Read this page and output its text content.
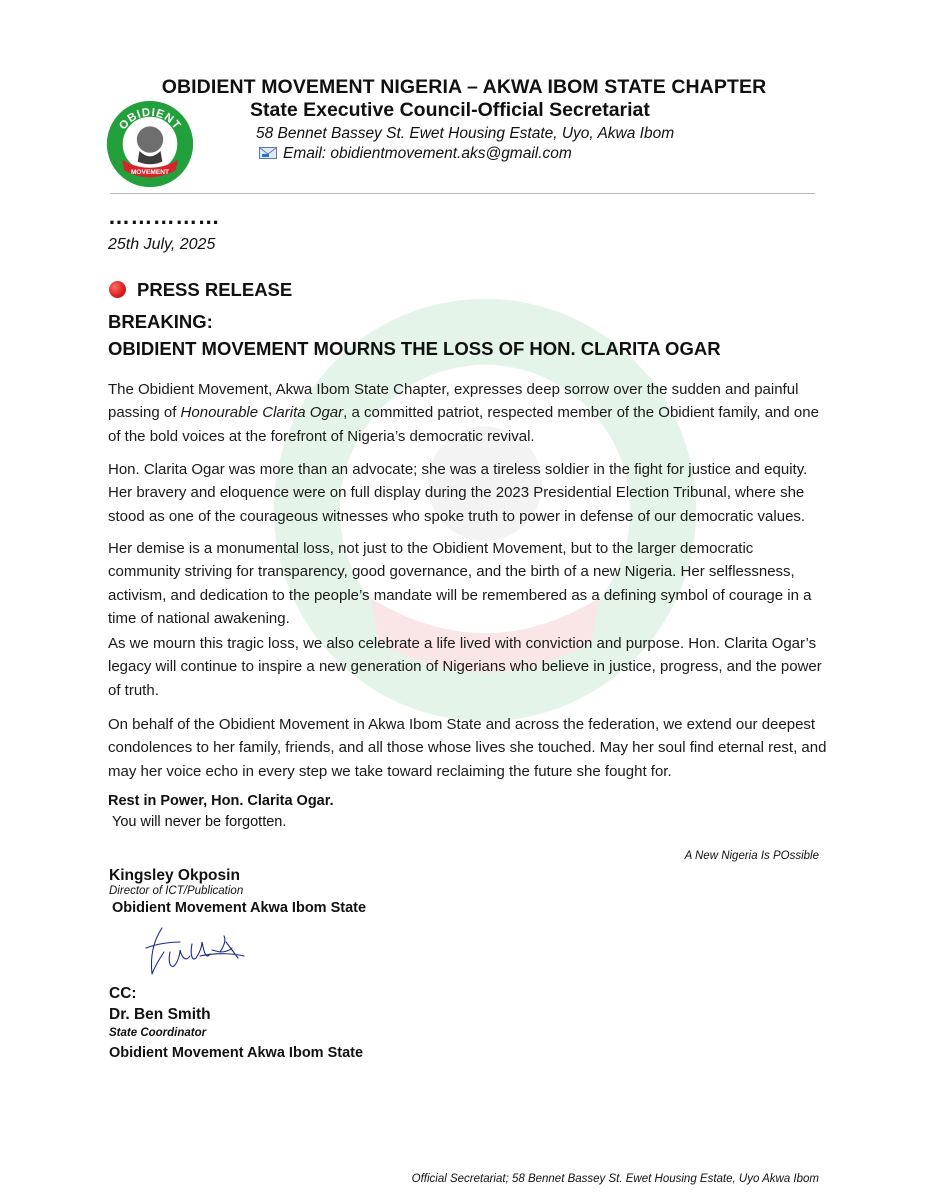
OBIDIENT
MOVEMENT
OBIDIENT MOVEMENT NIGERIA – AKWA IBOM STATE CHAPTER
State Executive Council-Official Secretariat
58 Bennet Bassey St. Ewet Housing Estate, Uyo, Akwa Ibom
Email: obidientmovement.aks@gmail.com
……………
25th July, 2025
PRESS RELEASE
BREAKING:
OBIDIENT MOVEMENT MOURNS THE LOSS OF HON. CLARITA OGAR
The Obidient Movement, Akwa Ibom State Chapter, expresses deep sorrow over the sudden and painful passing of Honourable Clarita Ogar, a committed patriot, respected member of the Obidient family, and one of the bold voices at the forefront of Nigeria’s democratic revival.
Hon. Clarita Ogar was more than an advocate; she was a tireless soldier in the fight for justice and equity. Her bravery and eloquence were on full display during the 2023 Presidential Election Tribunal, where she stood as one of the courageous witnesses who spoke truth to power in defense of our democratic values.
Her demise is a monumental loss, not just to the Obidient Movement, but to the larger democratic community striving for transparency, good governance, and the birth of a new Nigeria. Her selflessness, activism, and dedication to the people’s mandate will be remembered as a defining symbol of courage in a time of national awakening.
As we mourn this tragic loss, we also celebrate a life lived with conviction and purpose. Hon. Clarita Ogar’s legacy will continue to inspire a new generation of Nigerians who believe in justice, progress, and the power of truth.
On behalf of the Obidient Movement in Akwa Ibom State and across the federation, we extend our deepest condolences to her family, friends, and all those whose lives she touched. May her soul find eternal rest, and may her voice echo in every step we take toward reclaiming the future she fought for.
Rest in Power, Hon. Clarita Ogar.
You will never be forgotten.
A New Nigeria Is POssible
Kingsley Okposin
Director of ICT/Publication
Obidient Movement Akwa Ibom State
CC:
Dr. Ben Smith
State Coordinator
Obidient Movement Akwa Ibom State
Official Secretariat; 58 Bennet Bassey St. Ewet Housing Estate, Uyo Akwa Ibom
